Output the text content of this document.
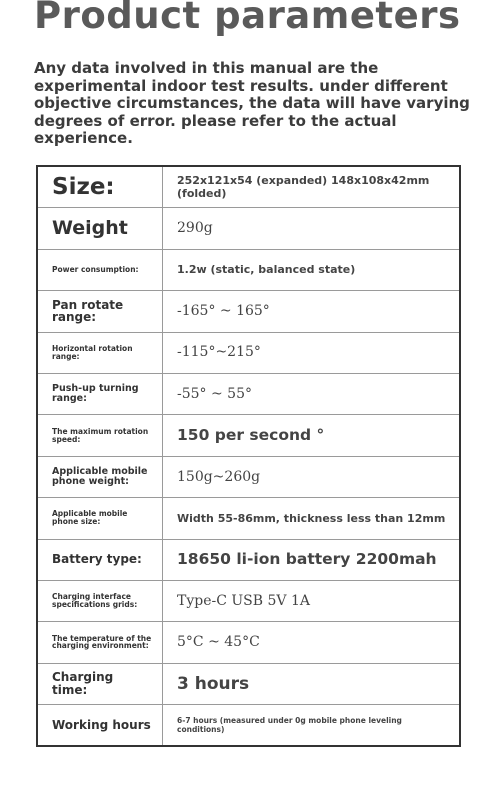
Product parameters
Any data involved in this manual are the experimental indoor test results. under different objective circumstances, the data will have varying degrees of error. please refer to the actual experience.
Size:	252x121x54 (expanded) 148x108x42mm (folded)
Weight	290g
Power consumption:	1.2w (static, balanced state)
Pan rotate range:	-165° ~ 165°
Horizontal rotation range:	-115°~215°
Push-up turning range:	-55° ~ 55°
The maximum rotation speed:	150 per second °
Applicable mobile phone weight:	150g~260g
Applicable mobile phone size:	Width 55-86mm, thickness less than 12mm
Battery type:	18650 li-ion battery 2200mah
Charging interface specifications grids:	Type-C USB 5V 1A
The temperature of the charging environment:	5°C ~ 45°C
Charging time:	3 hours
Working hours	6-7 hours (measured under 0g mobile phone leveling conditions)
